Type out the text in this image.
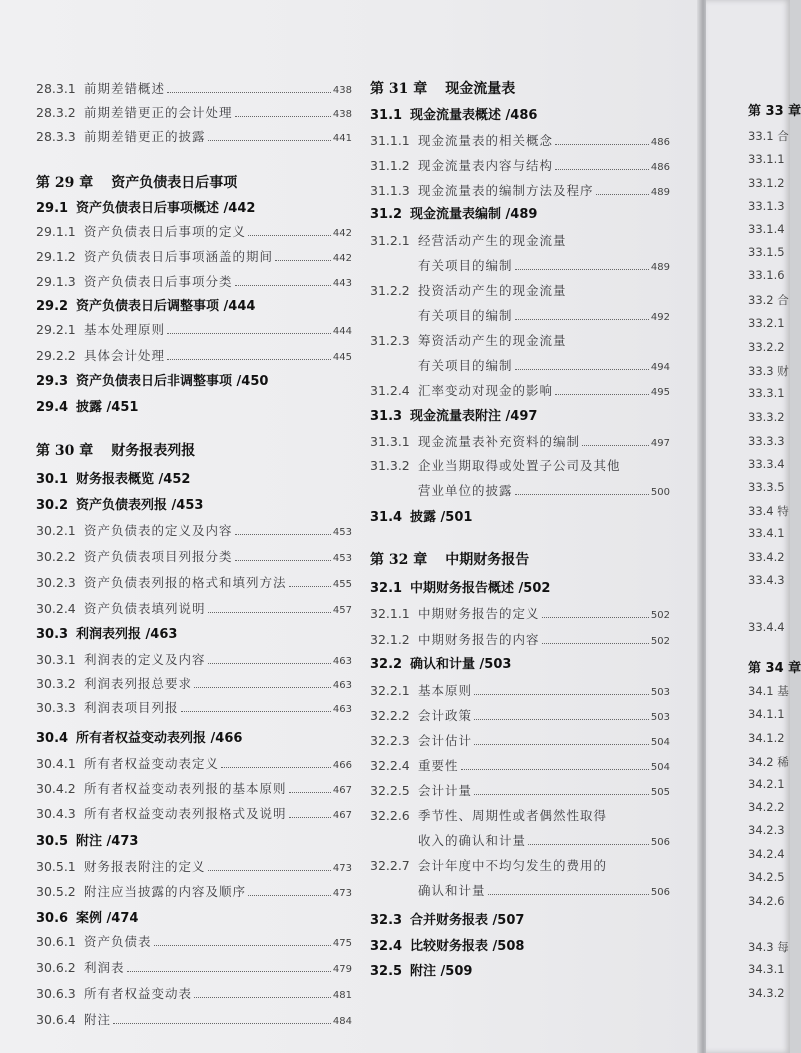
28.3.1 前期差错概述	438
28.3.2 前期差错更正的会计处理	438
28.3.3 前期差错更正的披露	441
第 29 章 资产负债表日后事项
29.1 资产负债表日后事项概述 /442
29.1.1 资产负债表日后事项的定义	442
29.1.2 资产负债表日后事项涵盖的期间	442
29.1.3 资产负债表日后事项分类	443
29.2 资产负债表日后调整事项 /444
29.2.1 基本处理原则	444
29.2.2 具体会计处理	445
29.3 资产负债表日后非调整事项 /450
29.4 披露 /451
第 30 章 财务报表列报
30.1 财务报表概览 /452
30.2 资产负债表列报 /453
30.2.1 资产负债表的定义及内容	453
30.2.2 资产负债表项目列报分类	453
30.2.3 资产负债表列报的格式和填列方法	455
30.2.4 资产负债表填列说明	457
30.3 利润表列报 /463
30.3.1 利润表的定义及内容	463
30.3.2 利润表列报总要求	463
30.3.3 利润表项目列报	463
30.4 所有者权益变动表列报 /466
30.4.1 所有者权益变动表定义	466
30.4.2 所有者权益变动表列报的基本原则	467
30.4.3 所有者权益变动表列报格式及说明	467
30.5 附注 /473
30.5.1 财务报表附注的定义	473
30.5.2 附注应当披露的内容及顺序	473
30.6 案例 /474
30.6.1 资产负债表	475
30.6.2 利润表	479
30.6.3 所有者权益变动表	481
30.6.4 附注	484
第 31 章 现金流量表
31.1 现金流量表概述 /486
31.1.1 现金流量表的相关概念	486
31.1.2 现金流量表内容与结构	486
31.1.3 现金流量表的编制方法及程序	489
31.2 现金流量表编制 /489
31.2.1 经营活动产生的现金流量
有关项目的编制	489
31.2.2 投资活动产生的现金流量
有关项目的编制	492
31.2.3 筹资活动产生的现金流量
有关项目的编制	494
31.2.4 汇率变动对现金的影响	495
31.3 现金流量表附注 /497
31.3.1 现金流量表补充资料的编制	497
31.3.2 企业当期取得或处置子公司及其他
营业单位的披露	500
31.4 披露 /501
第 32 章 中期财务报告
32.1 中期财务报告概述 /502
32.1.1 中期财务报告的定义	502
32.1.2 中期财务报告的内容	502
32.2 确认和计量 /503
32.2.1 基本原则	503
32.2.2 会计政策	503
32.2.3 会计估计	504
32.2.4 重要性	504
32.2.5 会计计量	505
32.2.6 季节性、周期性或者偶然性取得
收入的确认和计量	506
32.2.7 会计年度中不均匀发生的费用的
确认和计量	506
32.3 合并财务报表 /507
32.4 比较财务报表 /508
32.5 附注 /509
第 33 章
33.1 合
33.1.1
33.1.2
33.1.3
33.1.4
33.1.5
33.1.6
33.2 合
33.2.1
33.2.2
33.3 财
33.3.1
33.3.2
33.3.3
33.3.4
33.3.5
33.4 特
33.4.1
33.4.2
33.4.3
33.4.4
第 34 章
34.1 基
34.1.1
34.1.2
34.2 稀
34.2.1
34.2.2
34.2.3
34.2.4
34.2.5
34.2.6
34.3 每
34.3.1
34.3.2
